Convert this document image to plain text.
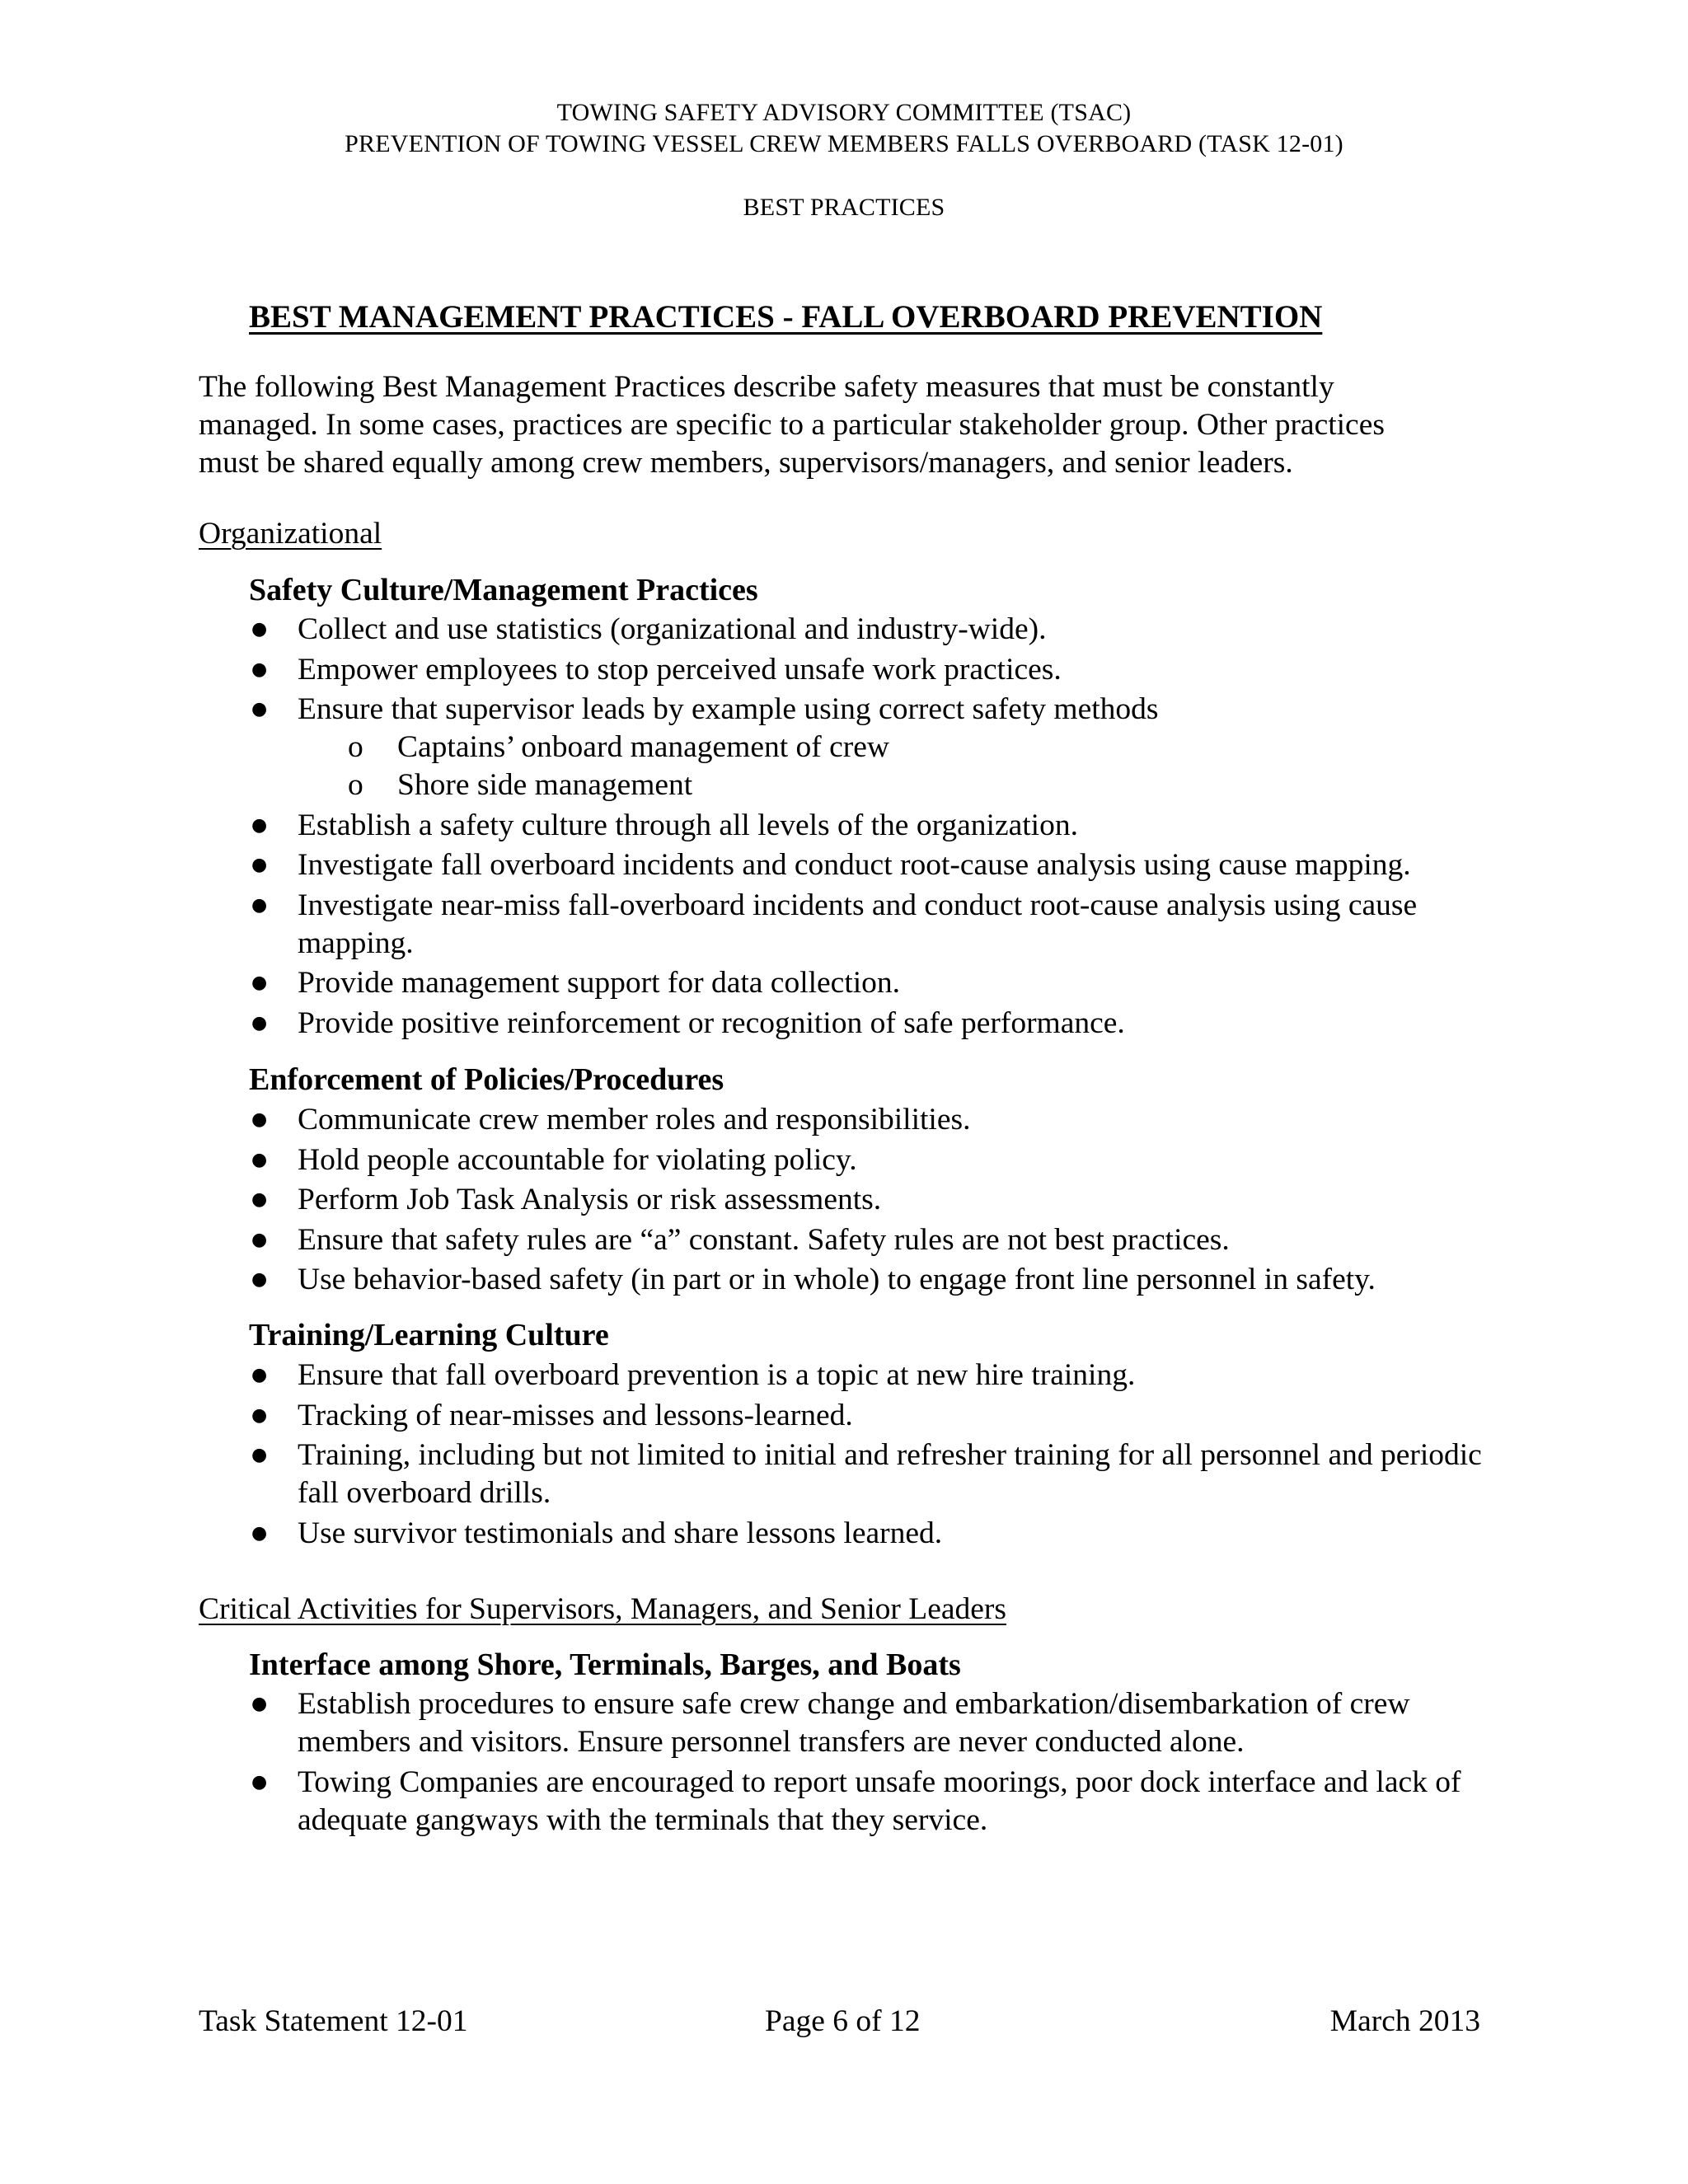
TOWING SAFETY ADVISORY COMMITTEE (TSAC)
PREVENTION OF TOWING VESSEL CREW MEMBERS FALLS OVERBOARD (TASK 12-01)
BEST PRACTICES
BEST MANAGEMENT PRACTICES - FALL OVERBOARD PREVENTION
The following Best Management Practices describe safety measures that must be constantly
managed. In some cases, practices are specific to a particular stakeholder group. Other practices
must be shared equally among crew members, supervisors/managers, and senior leaders.
Organizational
Safety Culture/Management Practices
● Collect and use statistics (organizational and industry-wide).
● Empower employees to stop perceived unsafe work practices.
● Ensure that supervisor leads by example using correct safety methods
o Captains’ onboard management of crew
o Shore side management
● Establish a safety culture through all levels of the organization.
● Investigate fall overboard incidents and conduct root-cause analysis using cause mapping.
● Investigate near-miss fall-overboard incidents and conduct root-cause analysis using cause mapping.
● Provide management support for data collection.
● Provide positive reinforcement or recognition of safe performance.
Enforcement of Policies/Procedures
● Communicate crew member roles and responsibilities.
● Hold people accountable for violating policy.
● Perform Job Task Analysis or risk assessments.
● Ensure that safety rules are “a” constant. Safety rules are not best practices.
● Use behavior-based safety (in part or in whole) to engage front line personnel in safety.
Training/Learning Culture
● Ensure that fall overboard prevention is a topic at new hire training.
● Tracking of near-misses and lessons-learned.
● Training, including but not limited to initial and refresher training for all personnel and periodic fall overboard drills.
● Use survivor testimonials and share lessons learned.
Critical Activities for Supervisors, Managers, and Senior Leaders
Interface among Shore, Terminals, Barges, and Boats
● Establish procedures to ensure safe crew change and embarkation/disembarkation of crew members and visitors. Ensure personnel transfers are never conducted alone.
● Towing Companies are encouraged to report unsafe moorings, poor dock interface and lack of adequate gangways with the terminals that they service.
Task Statement 12-01	Page 6 of 12	March 2013
